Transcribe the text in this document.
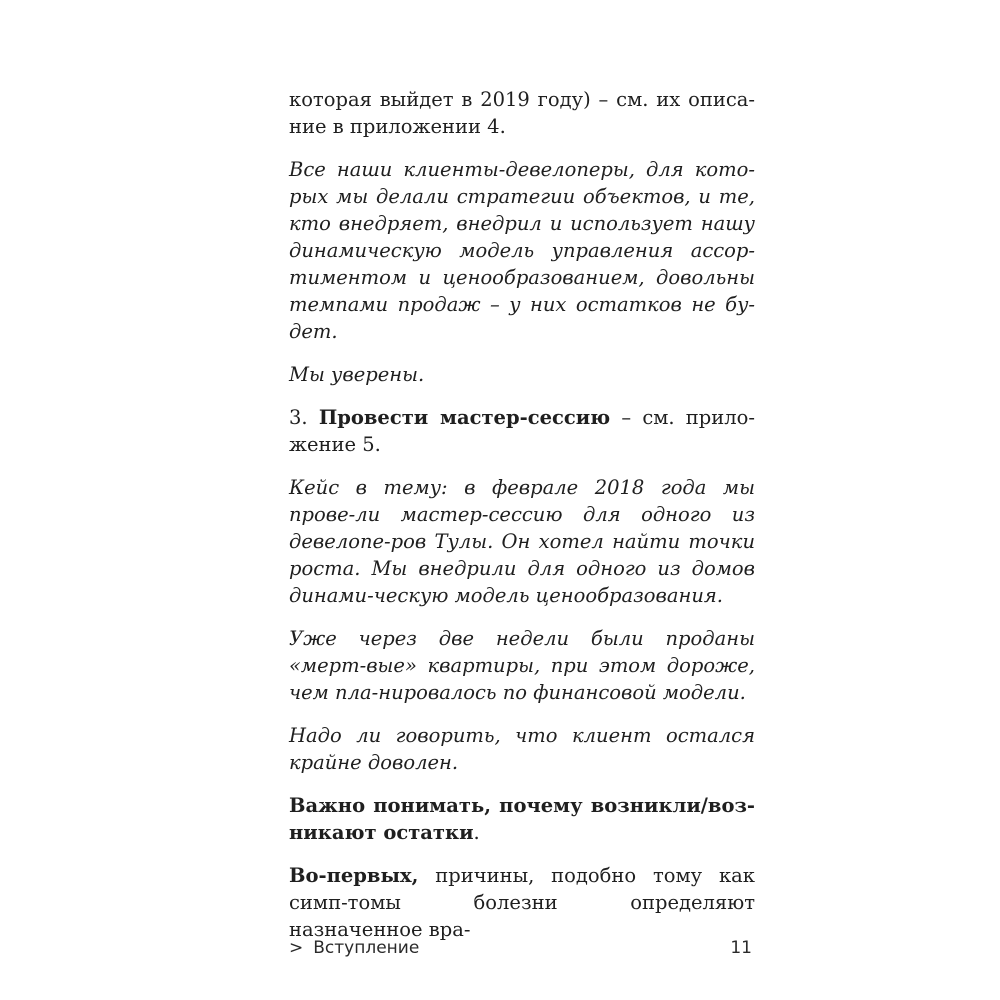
которая выйдет в 2019 году) – см. их описа-ние в приложении 4.

Все наши клиенты-девелоперы, для кото-рых мы делали стратегии объектов, и те, кто внедряет, внедрил и использует нашу динамическую модель управления ассор-тиментом и ценообразованием, довольны темпами продаж – у них остатков не бу-дет.

Мы уверены.

3. Провести мастер-сессию – см. прило-жение 5.

Кейс в тему: в феврале 2018 года мы прове-ли мастер-сессию для одного из девелопе-ров Тулы. Он хотел найти точки роста. Мы внедрили для одного из домов динами-ческую модель ценообразования.

Уже через две недели были проданы «мерт-вые» квартиры, при этом дороже, чем пла-нировалось по финансовой модели.

Надо ли говорить, что клиент остался крайне доволен.

Важно понимать, почему возникли/воз-никают остатки.

Во-первых, причины, подобно тому как симп-томы болезни определяют назначенное вра-

> Вступление	11
